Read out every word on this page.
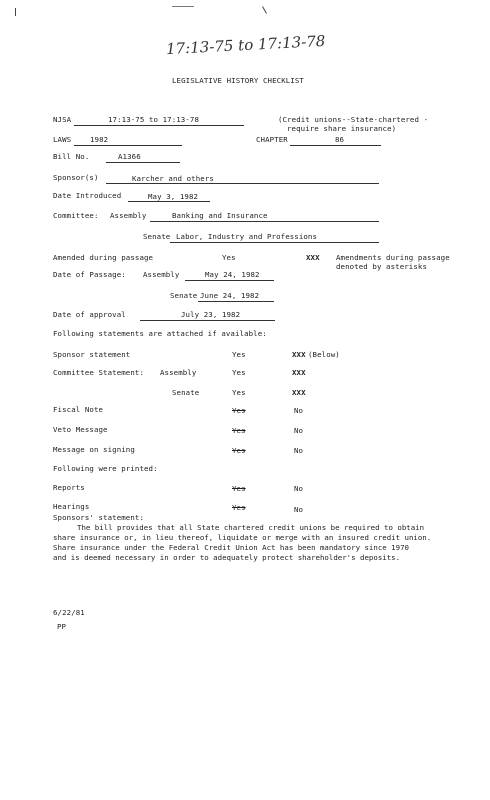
17:13-75 to 17:13-78
LEGISLATIVE HISTORY CHECKLIST
NJSA	17:13-75 to 17:13-78	(Credit unions--State-chartered -
require share insurance)
LAWS	1982	CHAPTER	86
Bill No.	A1366
Sponsor(s)	Karcher and others
Date Introduced	May 3, 1982
Committee: Assembly	Banking and Insurance
Senate Labor, Industry and Professions
Amended during passage	Yes	XXX Amendments during passage
denoted by asterisks
Date of Passage: Assembly	May 24, 1982
Senate June 24, 1982
Date of approval	July 23, 1982
Following statements are attached if available:
Sponsor statement	Yes	XXX (Below)
Committee Statement: Assembly	Yes	XXX
Senate	Yes	XXX
Fiscal Note	Yes	No
Veto Message	Yes	No
Message on signing	Yes	No
Following were printed:
Reports	Yes	No
Hearings	Yes	No
Sponsors' statement:
The bill provides that all State chartered credit unions be required to obtain
share insurance or, in lieu thereof, liquidate or merge with an insured credit union.
Share insurance under the Federal Credit Union Act has been mandatory since 1970
and is deemed necessary in order to adequately protect shareholder's deposits.
6/22/81
PP
